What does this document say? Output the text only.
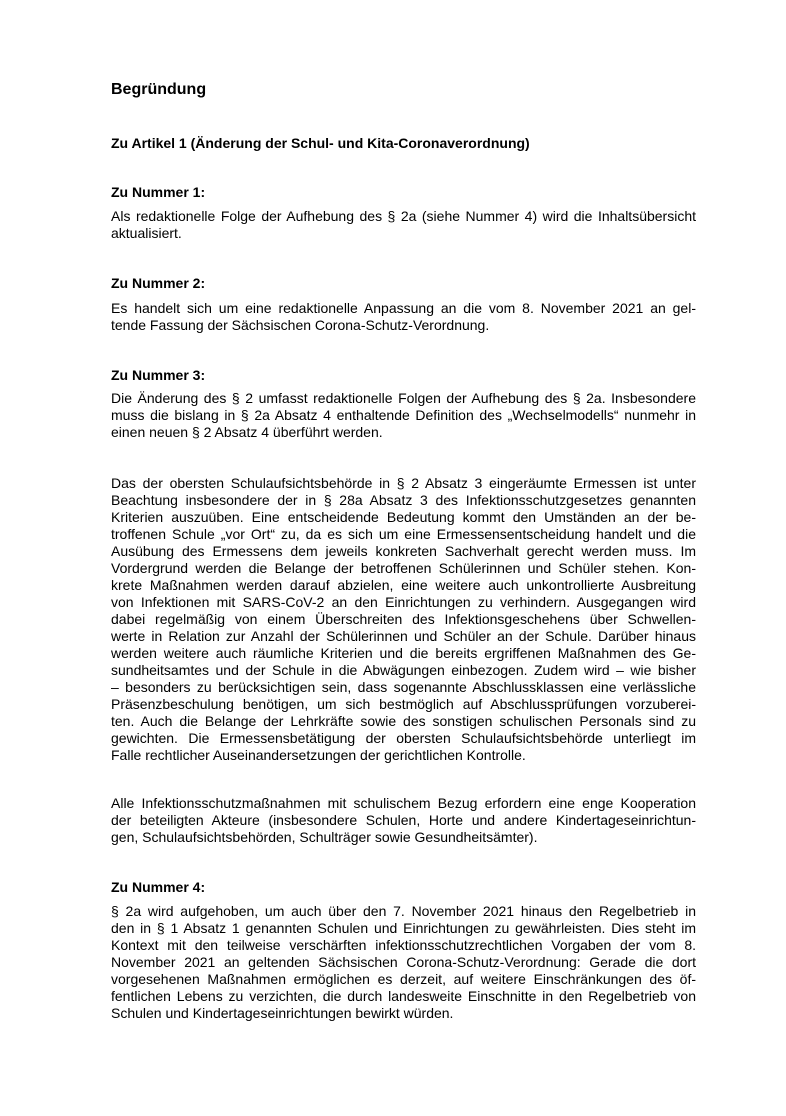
Begründung
Zu Artikel 1 (Änderung der Schul- und Kita-Coronaverordnung)
Zu Nummer 1:
Als redaktionelle Folge der Aufhebung des § 2a (siehe Nummer 4) wird die Inhaltsübersicht
aktualisiert.
Zu Nummer 2:
Es handelt sich um eine redaktionelle Anpassung an die vom 8. November 2021 an gel-
tende Fassung der Sächsischen Corona-Schutz-Verordnung.
Zu Nummer 3:
Die Änderung des § 2 umfasst redaktionelle Folgen der Aufhebung des § 2a. Insbesondere
muss die bislang in § 2a Absatz 4 enthaltende Definition des „Wechselmodells“ nunmehr in
einen neuen § 2 Absatz 4 überführt werden.
Das der obersten Schulaufsichtsbehörde in § 2 Absatz 3 eingeräumte Ermessen ist unter
Beachtung insbesondere der in § 28a Absatz 3 des Infektionsschutzgesetzes genannten
Kriterien auszuüben. Eine entscheidende Bedeutung kommt den Umständen an der be-
troffenen Schule „vor Ort“ zu, da es sich um eine Ermessensentscheidung handelt und die
Ausübung des Ermessens dem jeweils konkreten Sachverhalt gerecht werden muss. Im
Vordergrund werden die Belange der betroffenen Schülerinnen und Schüler stehen. Kon-
krete Maßnahmen werden darauf abzielen, eine weitere auch unkontrollierte Ausbreitung
von Infektionen mit SARS-CoV-2 an den Einrichtungen zu verhindern. Ausgegangen wird
dabei regelmäßig von einem Überschreiten des Infektionsgeschehens über Schwellen-
werte in Relation zur Anzahl der Schülerinnen und Schüler an der Schule. Darüber hinaus
werden weitere auch räumliche Kriterien und die bereits ergriffenen Maßnahmen des Ge-
sundheitsamtes und der Schule in die Abwägungen einbezogen. Zudem wird – wie bisher
– besonders zu berücksichtigen sein, dass sogenannte Abschlussklassen eine verlässliche
Präsenzbeschulung benötigen, um sich bestmöglich auf Abschlussprüfungen vorzuberei-
ten. Auch die Belange der Lehrkräfte sowie des sonstigen schulischen Personals sind zu
gewichten. Die Ermessensbetätigung der obersten Schulaufsichtsbehörde unterliegt im
Falle rechtlicher Auseinandersetzungen der gerichtlichen Kontrolle.
Alle Infektionsschutzmaßnahmen mit schulischem Bezug erfordern eine enge Kooperation
der beteiligten Akteure (insbesondere Schulen, Horte und andere Kindertageseinrichtun-
gen, Schulaufsichtsbehörden, Schulträger sowie Gesundheitsämter).
Zu Nummer 4:
§ 2a wird aufgehoben, um auch über den 7. November 2021 hinaus den Regelbetrieb in
den in § 1 Absatz 1 genannten Schulen und Einrichtungen zu gewährleisten. Dies steht im
Kontext mit den teilweise verschärften infektionsschutzrechtlichen Vorgaben der vom 8.
November 2021 an geltenden Sächsischen Corona-Schutz-Verordnung: Gerade die dort
vorgesehenen Maßnahmen ermöglichen es derzeit, auf weitere Einschränkungen des öf-
fentlichen Lebens zu verzichten, die durch landesweite Einschnitte in den Regelbetrieb von
Schulen und Kindertageseinrichtungen bewirkt würden.
